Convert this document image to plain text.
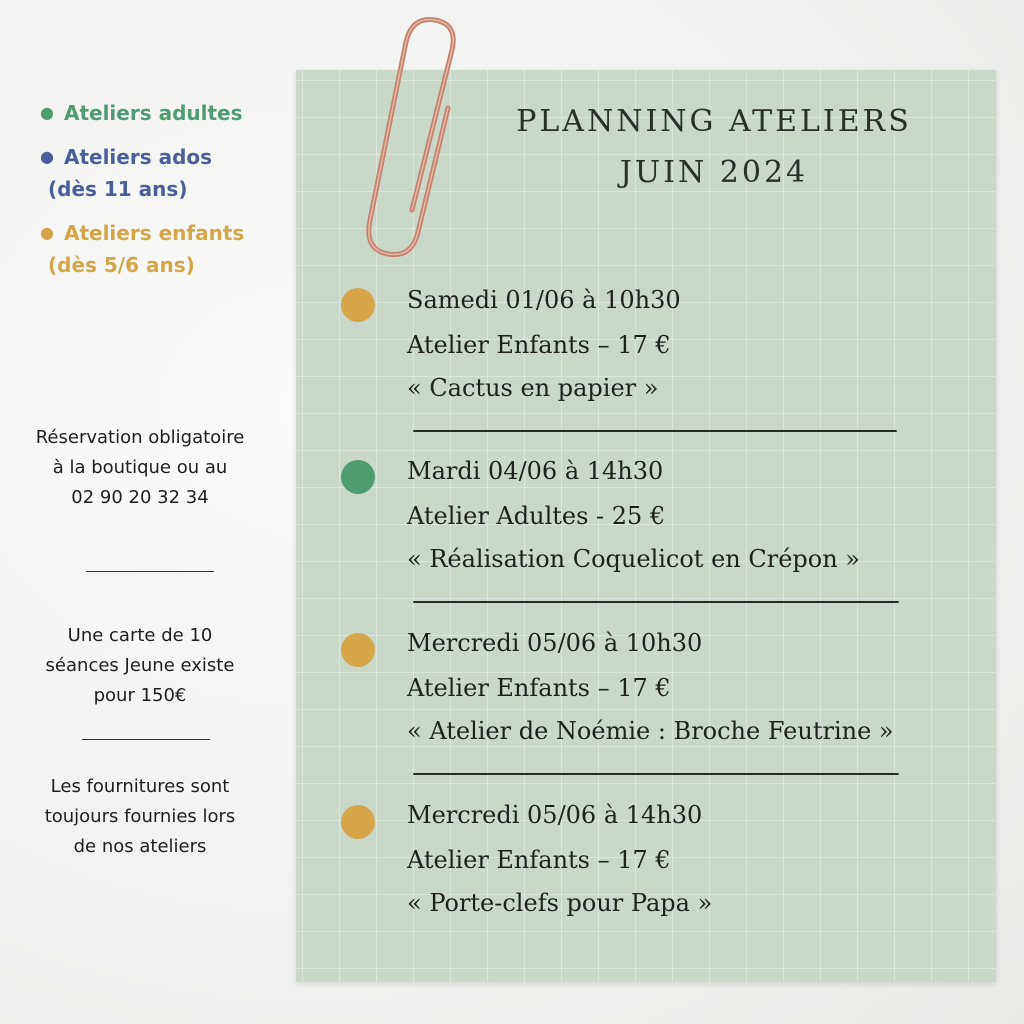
● Ateliers adultes
● Ateliers ados
(dès 11 ans)
● Ateliers enfants
(dès 5/6 ans)
Réservation obligatoire
à la boutique ou au
02 90 20 32 34
Une carte de 10
séances Jeune existe
pour 150€
Les fournitures sont
toujours fournies lors
de nos ateliers
PLANNING ATELIERS
JUIN 2024
Samedi 01/06 à 10h30
Atelier Enfants – 17 €
« Cactus en papier »
Mardi 04/06 à 14h30
Atelier Adultes - 25 €
« Réalisation Coquelicot en Crépon »
Mercredi 05/06 à 10h30
Atelier Enfants – 17 €
« Atelier de Noémie : Broche Feutrine »
Mercredi 05/06 à 14h30
Atelier Enfants – 17 €
« Porte-clefs pour Papa »
